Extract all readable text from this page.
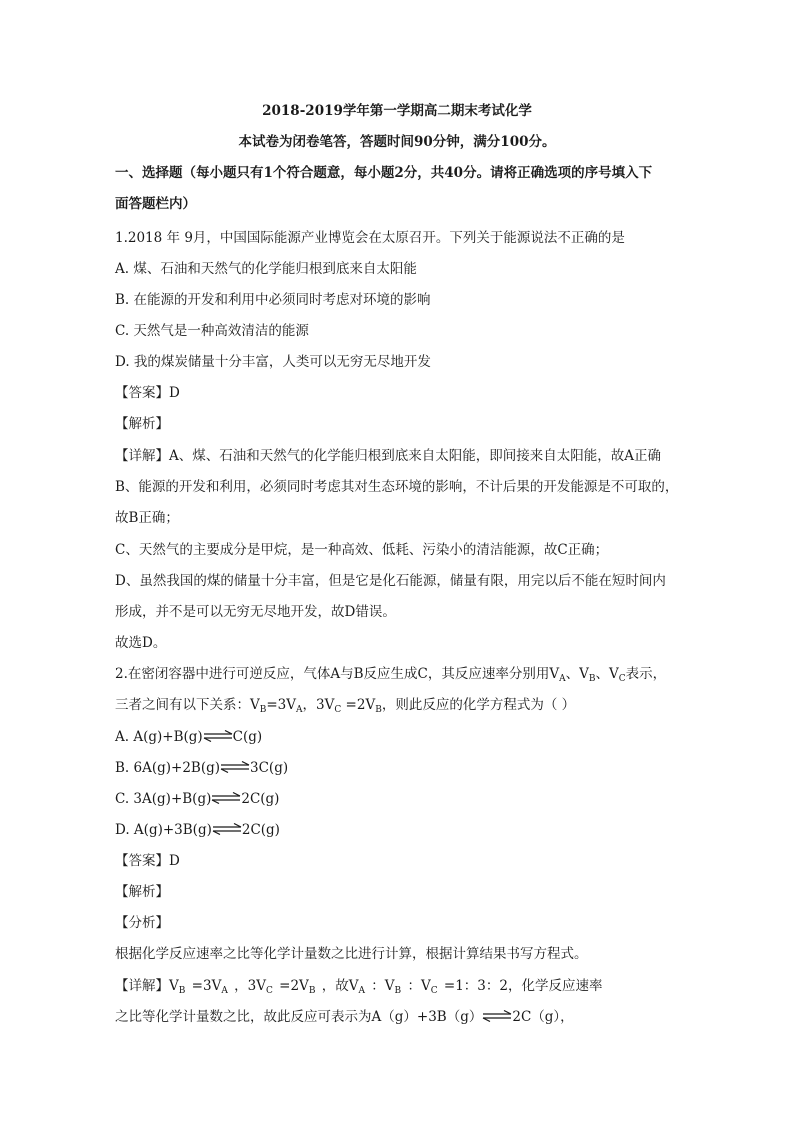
2018-2019学年第一学期高二期末考试化学
本试卷为闭卷笔答，答题时间90分钟，满分100分。
一、选择题（每小题只有1个符合题意，每小题2分，共40分。请将正确选项的序号填入下
面答题栏内）
1.2018 年 9月，中国国际能源产业博览会在太原召开。下列关于能源说法不正确的是
A. 煤、石油和天然气的化学能归根到底来自太阳能
B. 在能源的开发和利用中必须同时考虑对环境的影响
C. 天然气是一种高效清洁的能源
D. 我的煤炭储量十分丰富，人类可以无穷无尽地开发
【答案】D
【解析】
【详解】A、煤、石油和天然气的化学能归根到底来自太阳能，即间接来自太阳能，故A正确
B、能源的开发和利用，必须同时考虑其对生态环境的影响，不计后果的开发能源是不可取的，
故B正确；
C、天然气的主要成分是甲烷，是一种高效、低耗、污染小的清洁能源，故C正确；
D、虽然我国的煤的储量十分丰富，但是它是化石能源，储量有限，用完以后不能在短时间内
形成，并不是可以无穷无尽地开发，故D错误。
故选D。
2.在密闭容器中进行可逆反应，气体A与B反应生成C，其反应速率分别用$V_A$、$V_B$、$V_C$表示，
三者之间有以下关系：$V_B=3V_A$，$3V_C =2V_B$，则此反应的化学方程式为（ ）
A. A(g)+B(g) C(g)
B. 6A(g)+2B(g) 3C(g)
C. 3A(g)+B(g) 2C(g)
D. A(g)+3B(g) 2C(g)
【答案】D
【解析】
【分析】
根据化学反应速率之比等化学计量数之比进行计算，根据计算结果书写方程式。
【详解】$V_B =3V_A$ ，$3V_C =2V_B$ ，故$V_A$ ：$V_B$ ：$V_C =1$：3：2，化学反应速率
之比等化学计量数之比，故此反应可表示为A（g）+3B（g） 2C（g），
